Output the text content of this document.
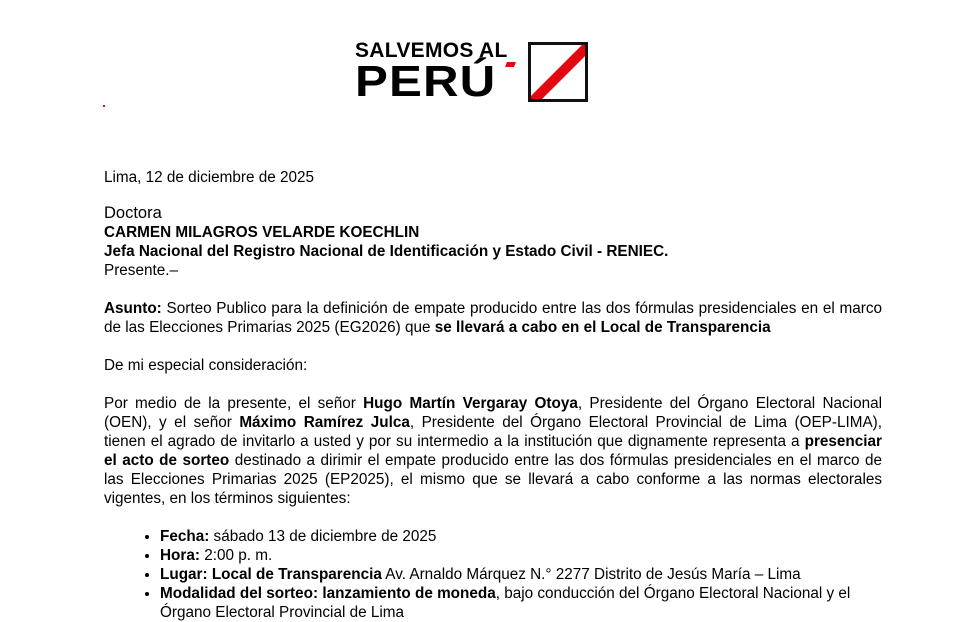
SALVEMOS AL
PERÚ

Lima, 12 de diciembre de 2025

Doctora

CARMEN MILAGROS VELARDE KOECHLIN

Jefa Nacional del Registro Nacional de Identificación y Estado Civil - RENIEC.

Presente.–

Asunto: Sorteo Publico para la definición de empate producido entre las dos fórmulas presidenciales en el marco de las Elecciones Primarias 2025 (EG2026) que se llevará a cabo en el Local de Transparencia

De mi especial consideración:

Por medio de la presente, el señor Hugo Martín Vergaray Otoya, Presidente del Órgano Electoral Nacional (OEN), y el señor Máximo Ramírez Julca, Presidente del Órgano Electoral Provincial de Lima (OEP-LIMA), tienen el agrado de invitarlo a usted y por su intermedio a la institución que dignamente representa a presenciar el acto de sorteo destinado a dirimir el empate producido entre las dos fórmulas presidenciales en el marco de las Elecciones Primarias 2025 (EP2025), el mismo que se llevará a cabo conforme a las normas electorales vigentes, en los términos siguientes:

• Fecha: sábado 13 de diciembre de 2025
• Hora: 2:00 p. m.
• Lugar: Local de Transparencia Av. Arnaldo Márquez N.° 2277 Distrito de Jesús María – Lima
• Modalidad del sorteo: lanzamiento de moneda, bajo conducción del Órgano Electoral Nacional y el Órgano Electoral Provincial de Lima
